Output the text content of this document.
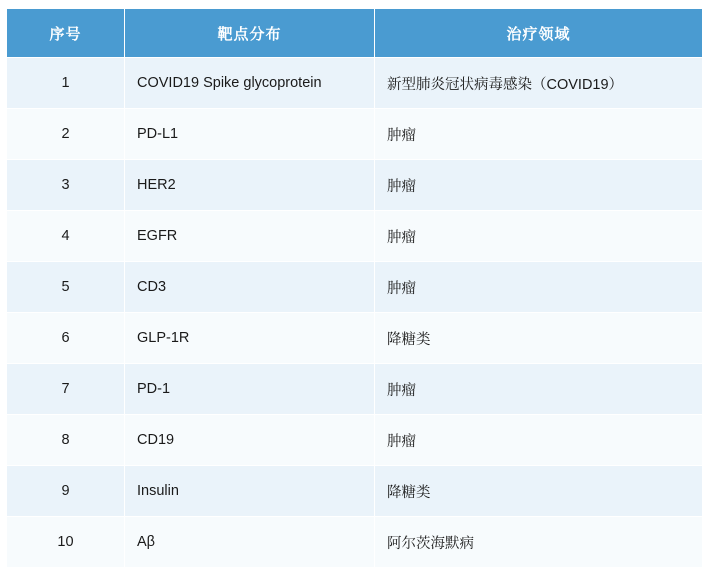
序号	靶点分布	治疗领域
1	COVID19 Spike glycoprotein	新型肺炎冠状病毒感染（COVID19）
2	PD-L1	肿瘤
3	HER2	肿瘤
4	EGFR	肿瘤
5	CD3	肿瘤
6	GLP-1R	降糖类
7	PD-1	肿瘤
8	CD19	肿瘤
9	Insulin	降糖类
10	Aβ	阿尔茨海默病
